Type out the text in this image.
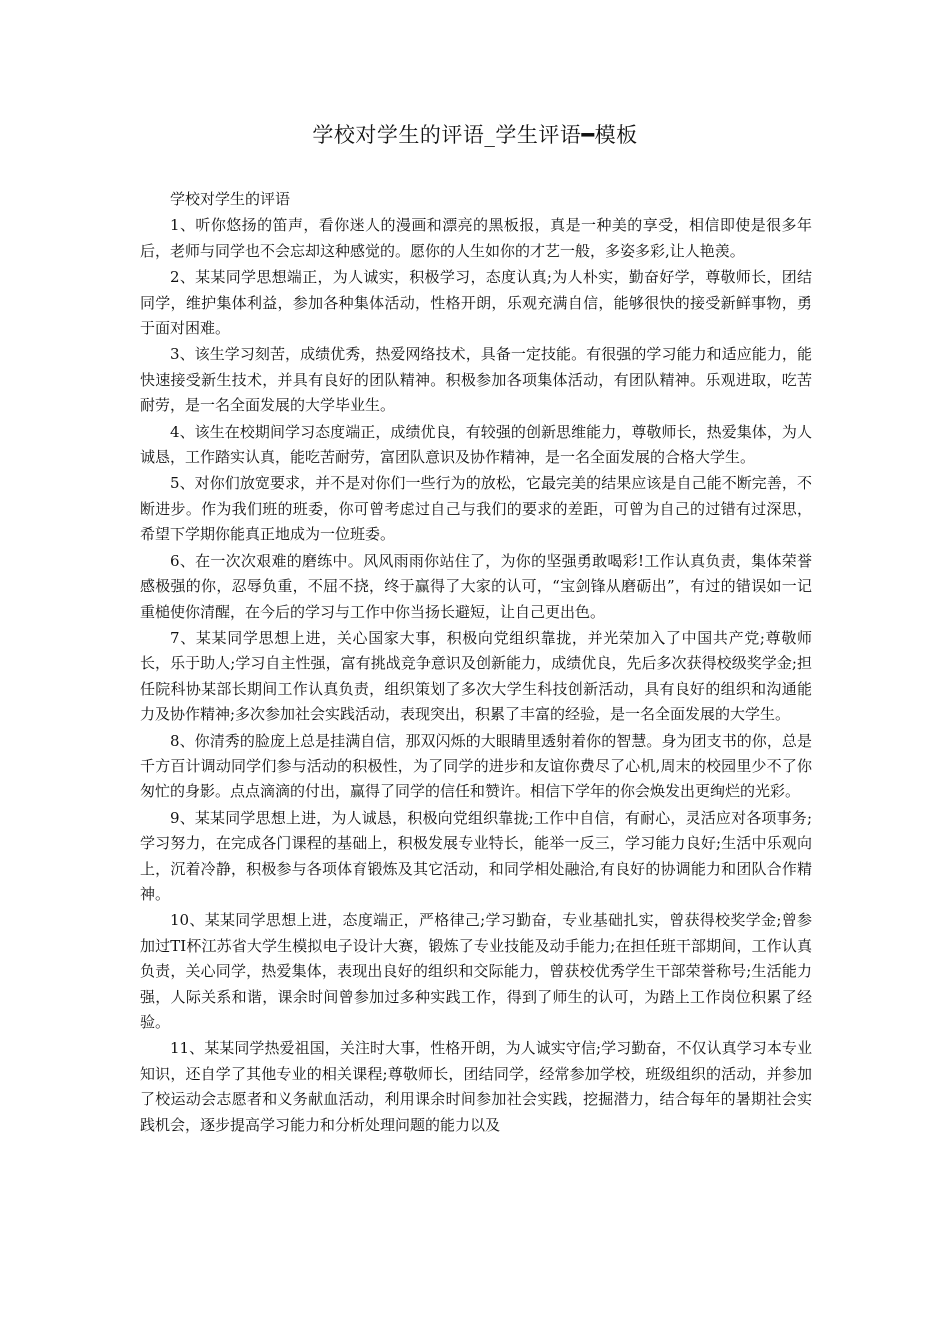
学校对学生的评语_学生评语━模板
学校对学生的评语

1、听你悠扬的笛声，看你迷人的漫画和漂亮的黑板报，真是一种美的享受，相信即使是很多年后，老师与同学也不会忘却这种感觉的。愿你的人生如你的才艺一般，多姿多彩,让人艳羡。

2、某某同学思想端正，为人诚实，积极学习，态度认真;为人朴实，勤奋好学，尊敬师长，团结同学，维护集体利益，参加各种集体活动，性格开朗，乐观充满自信，能够很快的接受新鲜事物，勇于面对困难。

3、该生学习刻苦，成绩优秀，热爱网络技术，具备一定技能。有很强的学习能力和适应能力，能快速接受新生技术，并具有良好的团队精神。积极参加各项集体活动，有团队精神。乐观进取，吃苦耐劳，是一名全面发展的大学毕业生。

4、该生在校期间学习态度端正，成绩优良，有较强的创新思维能力，尊敬师长，热爱集体，为人诚恳，工作踏实认真，能吃苦耐劳，富团队意识及协作精神，是一名全面发展的合格大学生。

5、对你们放宽要求，并不是对你们一些行为的放松，它最完美的结果应该是自己能不断完善，不断进步。作为我们班的班委，你可曾考虑过自己与我们的要求的差距，可曾为自己的过错有过深思，希望下学期你能真正地成为一位班委。

6、在一次次艰难的磨练中。风风雨雨你站住了，为你的坚强勇敢喝彩!工作认真负责，集体荣誉感极强的你，忍辱负重，不屈不挠，终于赢得了大家的认可，“宝剑锋从磨砺出”，有过的错误如一记重槌使你清醒，在今后的学习与工作中你当扬长避短，让自己更出色。

7、某某同学思想上进，关心国家大事，积极向党组织靠拢，并光荣加入了中国共产党;尊敬师长，乐于助人;学习自主性强，富有挑战竞争意识及创新能力，成绩优良，先后多次获得校级奖学金;担任院科协某部长期间工作认真负责，组织策划了多次大学生科技创新活动，具有良好的组织和沟通能力及协作精神;多次参加社会实践活动，表现突出，积累了丰富的经验，是一名全面发展的大学生。

8、你清秀的脸庞上总是挂满自信，那双闪烁的大眼睛里透射着你的智慧。身为团支书的你，总是千方百计调动同学们参与活动的积极性，为了同学的进步和友谊你费尽了心机,周末的校园里少不了你匆忙的身影。点点滴滴的付出，赢得了同学的信任和赞许。相信下学年的你会焕发出更绚烂的光彩。

9、某某同学思想上进，为人诚恳，积极向党组织靠拢;工作中自信，有耐心，灵活应对各项事务;学习努力，在完成各门课程的基础上，积极发展专业特长，能举一反三，学习能力良好;生活中乐观向上，沉着冷静，积极参与各项体育锻炼及其它活动，和同学相处融洽,有良好的协调能力和团队合作精神。

10、某某同学思想上进，态度端正，严格律己;学习勤奋，专业基础扎实，曾获得校奖学金;曾参加过TI杯江苏省大学生模拟电子设计大赛，锻炼了专业技能及动手能力;在担任班干部期间，工作认真负责，关心同学，热爱集体，表现出良好的组织和交际能力，曾获校优秀学生干部荣誉称号;生活能力强，人际关系和谐，课余时间曾参加过多种实践工作，得到了师生的认可，为踏上工作岗位积累了经验。

11、某某同学热爱祖国，关注时大事，性格开朗，为人诚实守信;学习勤奋，不仅认真学习本专业知识，还自学了其他专业的相关课程;尊敬师长，团结同学，经常参加学校，班级组织的活动，并参加了校运动会志愿者和义务献血活动，利用课余时间参加社会实践，挖掘潜力，结合每年的暑期社会实践机会，逐步提高学习能力和分析处理问题的能力以及
